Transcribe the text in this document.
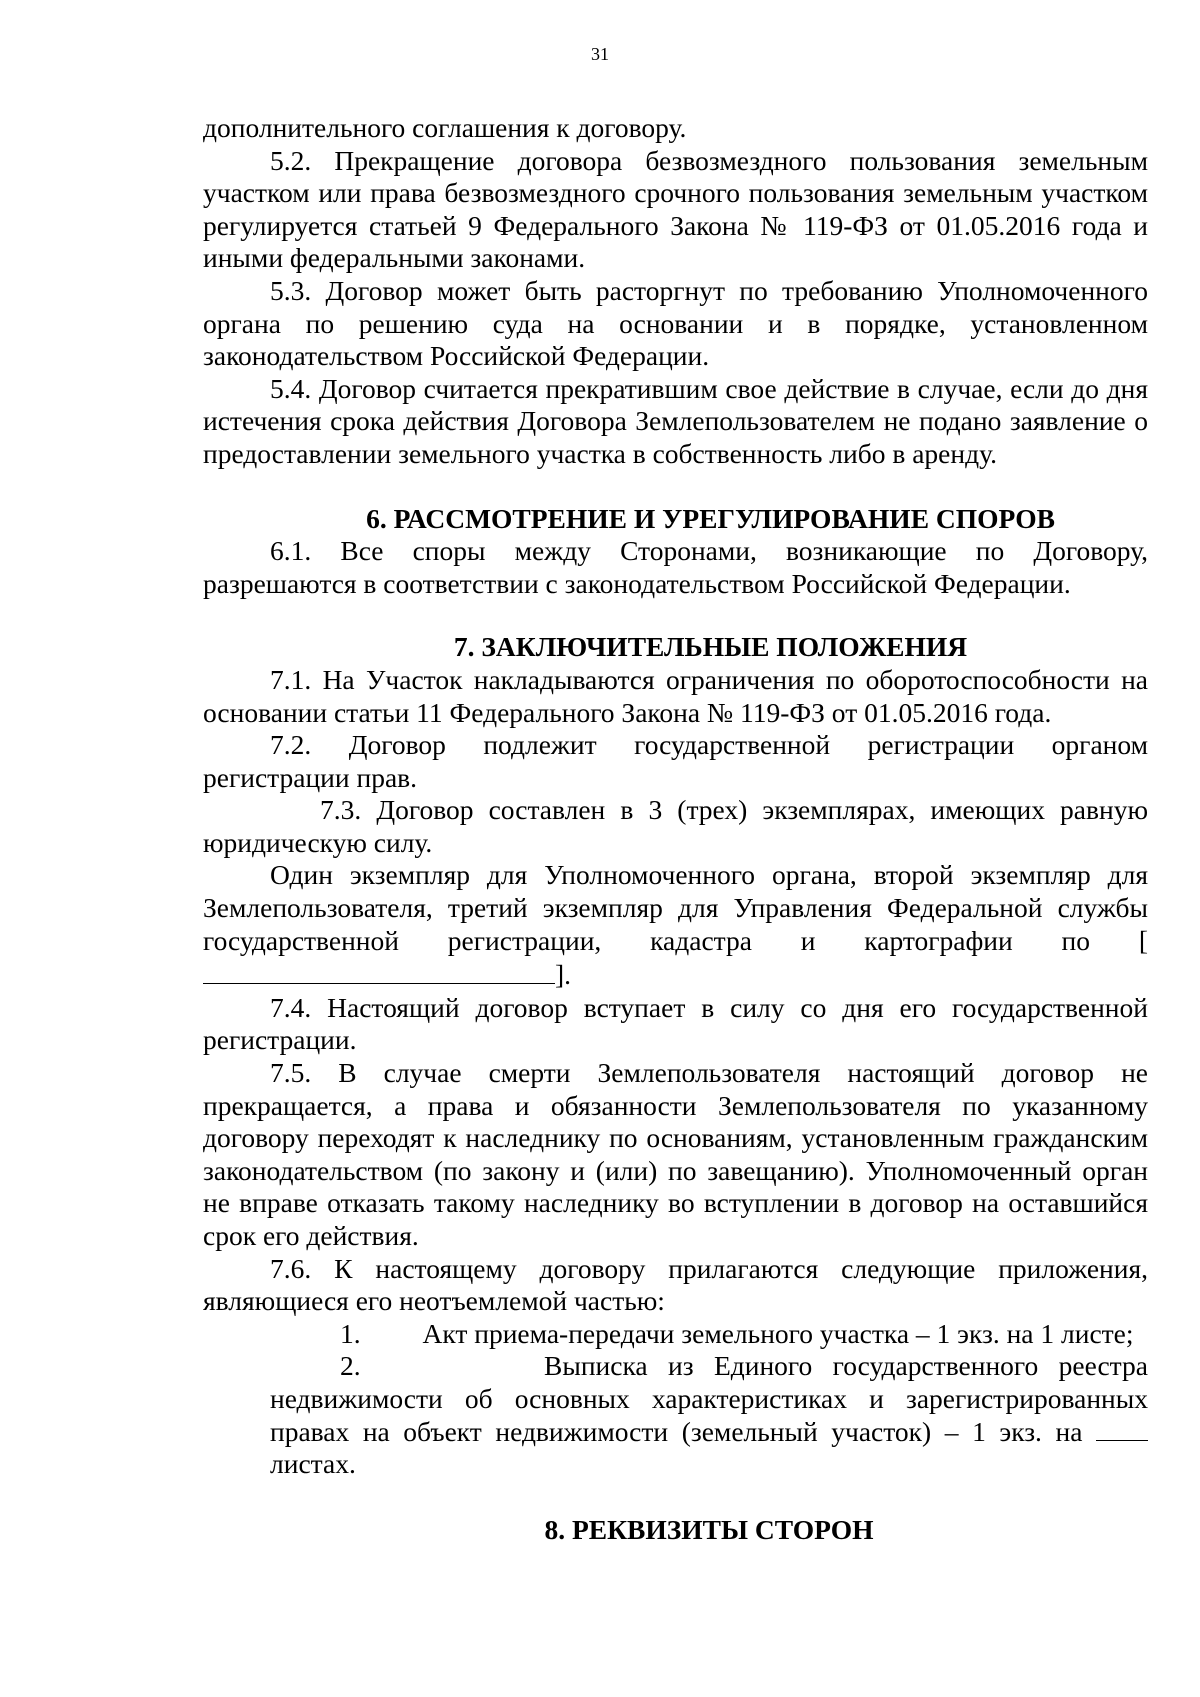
31

дополнительного соглашения к договору.

5.2. Прекращение договора безвозмездного пользования земельным участком или права безвозмездного срочного пользования земельным участком регулируется статьей 9 Федерального Закона № 119-ФЗ от 01.05.2016 года и иными федеральными законами.

5.3. Договор может быть расторгнут по требованию Уполномоченного органа по решению суда на основании и в порядке, установленном законодательством Российской Федерации.

5.4. Договор считается прекратившим свое действие в случае, если до дня истечения срока действия Договора Землепользователем не подано заявление о предоставлении земельного участка в собственность либо в аренду.

6. РАССМОТРЕНИЕ И УРЕГУЛИРОВАНИЕ СПОРОВ

6.1. Все споры между Сторонами, возникающие по Договору, разрешаются в соответствии с законодательством Российской Федерации.

7. ЗАКЛЮЧИТЕЛЬНЫЕ ПОЛОЖЕНИЯ

7.1. На Участок накладываются ограничения по оборотоспособности на основании статьи 11 Федерального Закона № 119-ФЗ от 01.05.2016 года.

7.2. Договор подлежит государственной регистрации органом регистрации прав.

7.3. Договор составлен в 3 (трех) экземплярах, имеющих равную юридическую силу.

Один экземпляр для Уполномоченного органа, второй экземпляр для Землепользователя, третий экземпляр для Управления Федеральной службы государственной регистрации, кадастра и картографии по [].

7.4. Настоящий договор вступает в силу со дня его государственной регистрации.

7.5. В случае смерти Землепользователя настоящий договор не прекращается, а права и обязанности Землепользователя по указанному договору переходят к наследнику по основаниям, установленным гражданским законодательством (по закону и (или) по завещанию). Уполномоченный орган не вправе отказать такому наследнику во вступлении в договор на оставшийся срок его действия.

7.6. К настоящему договору прилагаются следующие приложения, являющиеся его неотъемлемой частью:

1. Акт приема-передачи земельного участка – 1 экз. на 1 листе;

2.	Выписка из Единого государственного реестра недвижимости об основных характеристиках и зарегистрированных правах на объект недвижимости (земельный участок) – 1 экз. на  листах.

8. РЕКВИЗИТЫ СТОРОН
